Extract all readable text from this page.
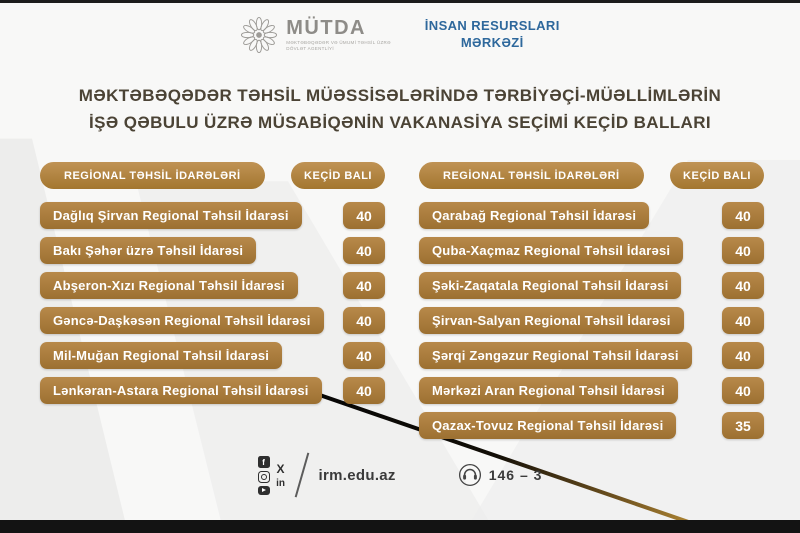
MÜTDA
MƏKTƏBƏQƏDƏR VƏ ÜMUMİ TƏHSİL ÜZRƏ
DÖVLƏT AGENTLİYİ
İNSAN RESURSLARI
MƏRKƏZİ
MƏKTƏBƏQƏDƏR TƏHSİL MÜƏSSİSƏLƏRİNDƏ TƏRBİYƏÇİ-MÜƏLLİMLƏRİN
İŞƏ QƏBULU ÜZRƏ MÜSABİQƏNİN VAKANASİYA SEÇİMİ KEÇİD BALLARI
REGİONAL TƏHSİL İDARƏLƏRİ	KEÇİD BALI
Dağlıq Şirvan Regional Təhsil İdarəsi	40
Bakı Şəhər üzrə Təhsil İdarəsi	40
Abşeron-Xızı Regional Təhsil İdarəsi	40
Gəncə-Daşkəsən Regional Təhsil İdarəsi	40
Mil-Muğan Regional Təhsil İdarəsi	40
Lənkəran-Astara Regional Təhsil İdarəsi	40
REGİONAL TƏHSİL İDARƏLƏRİ	KEÇİD BALI
Qarabağ Regional Təhsil İdarəsi	40
Quba-Xaçmaz Regional Təhsil İdarəsi	40
Şəki-Zaqatala Regional Təhsil İdarəsi	40
Şirvan-Salyan Regional Təhsil İdarəsi	40
Şərqi Zəngəzur Regional Təhsil İdarəsi	40
Mərkəzi Aran Regional Təhsil İdarəsi	40
Qazax-Tovuz Regional Təhsil İdarəsi	35
f X
in irm.edu.az	146 – 3
